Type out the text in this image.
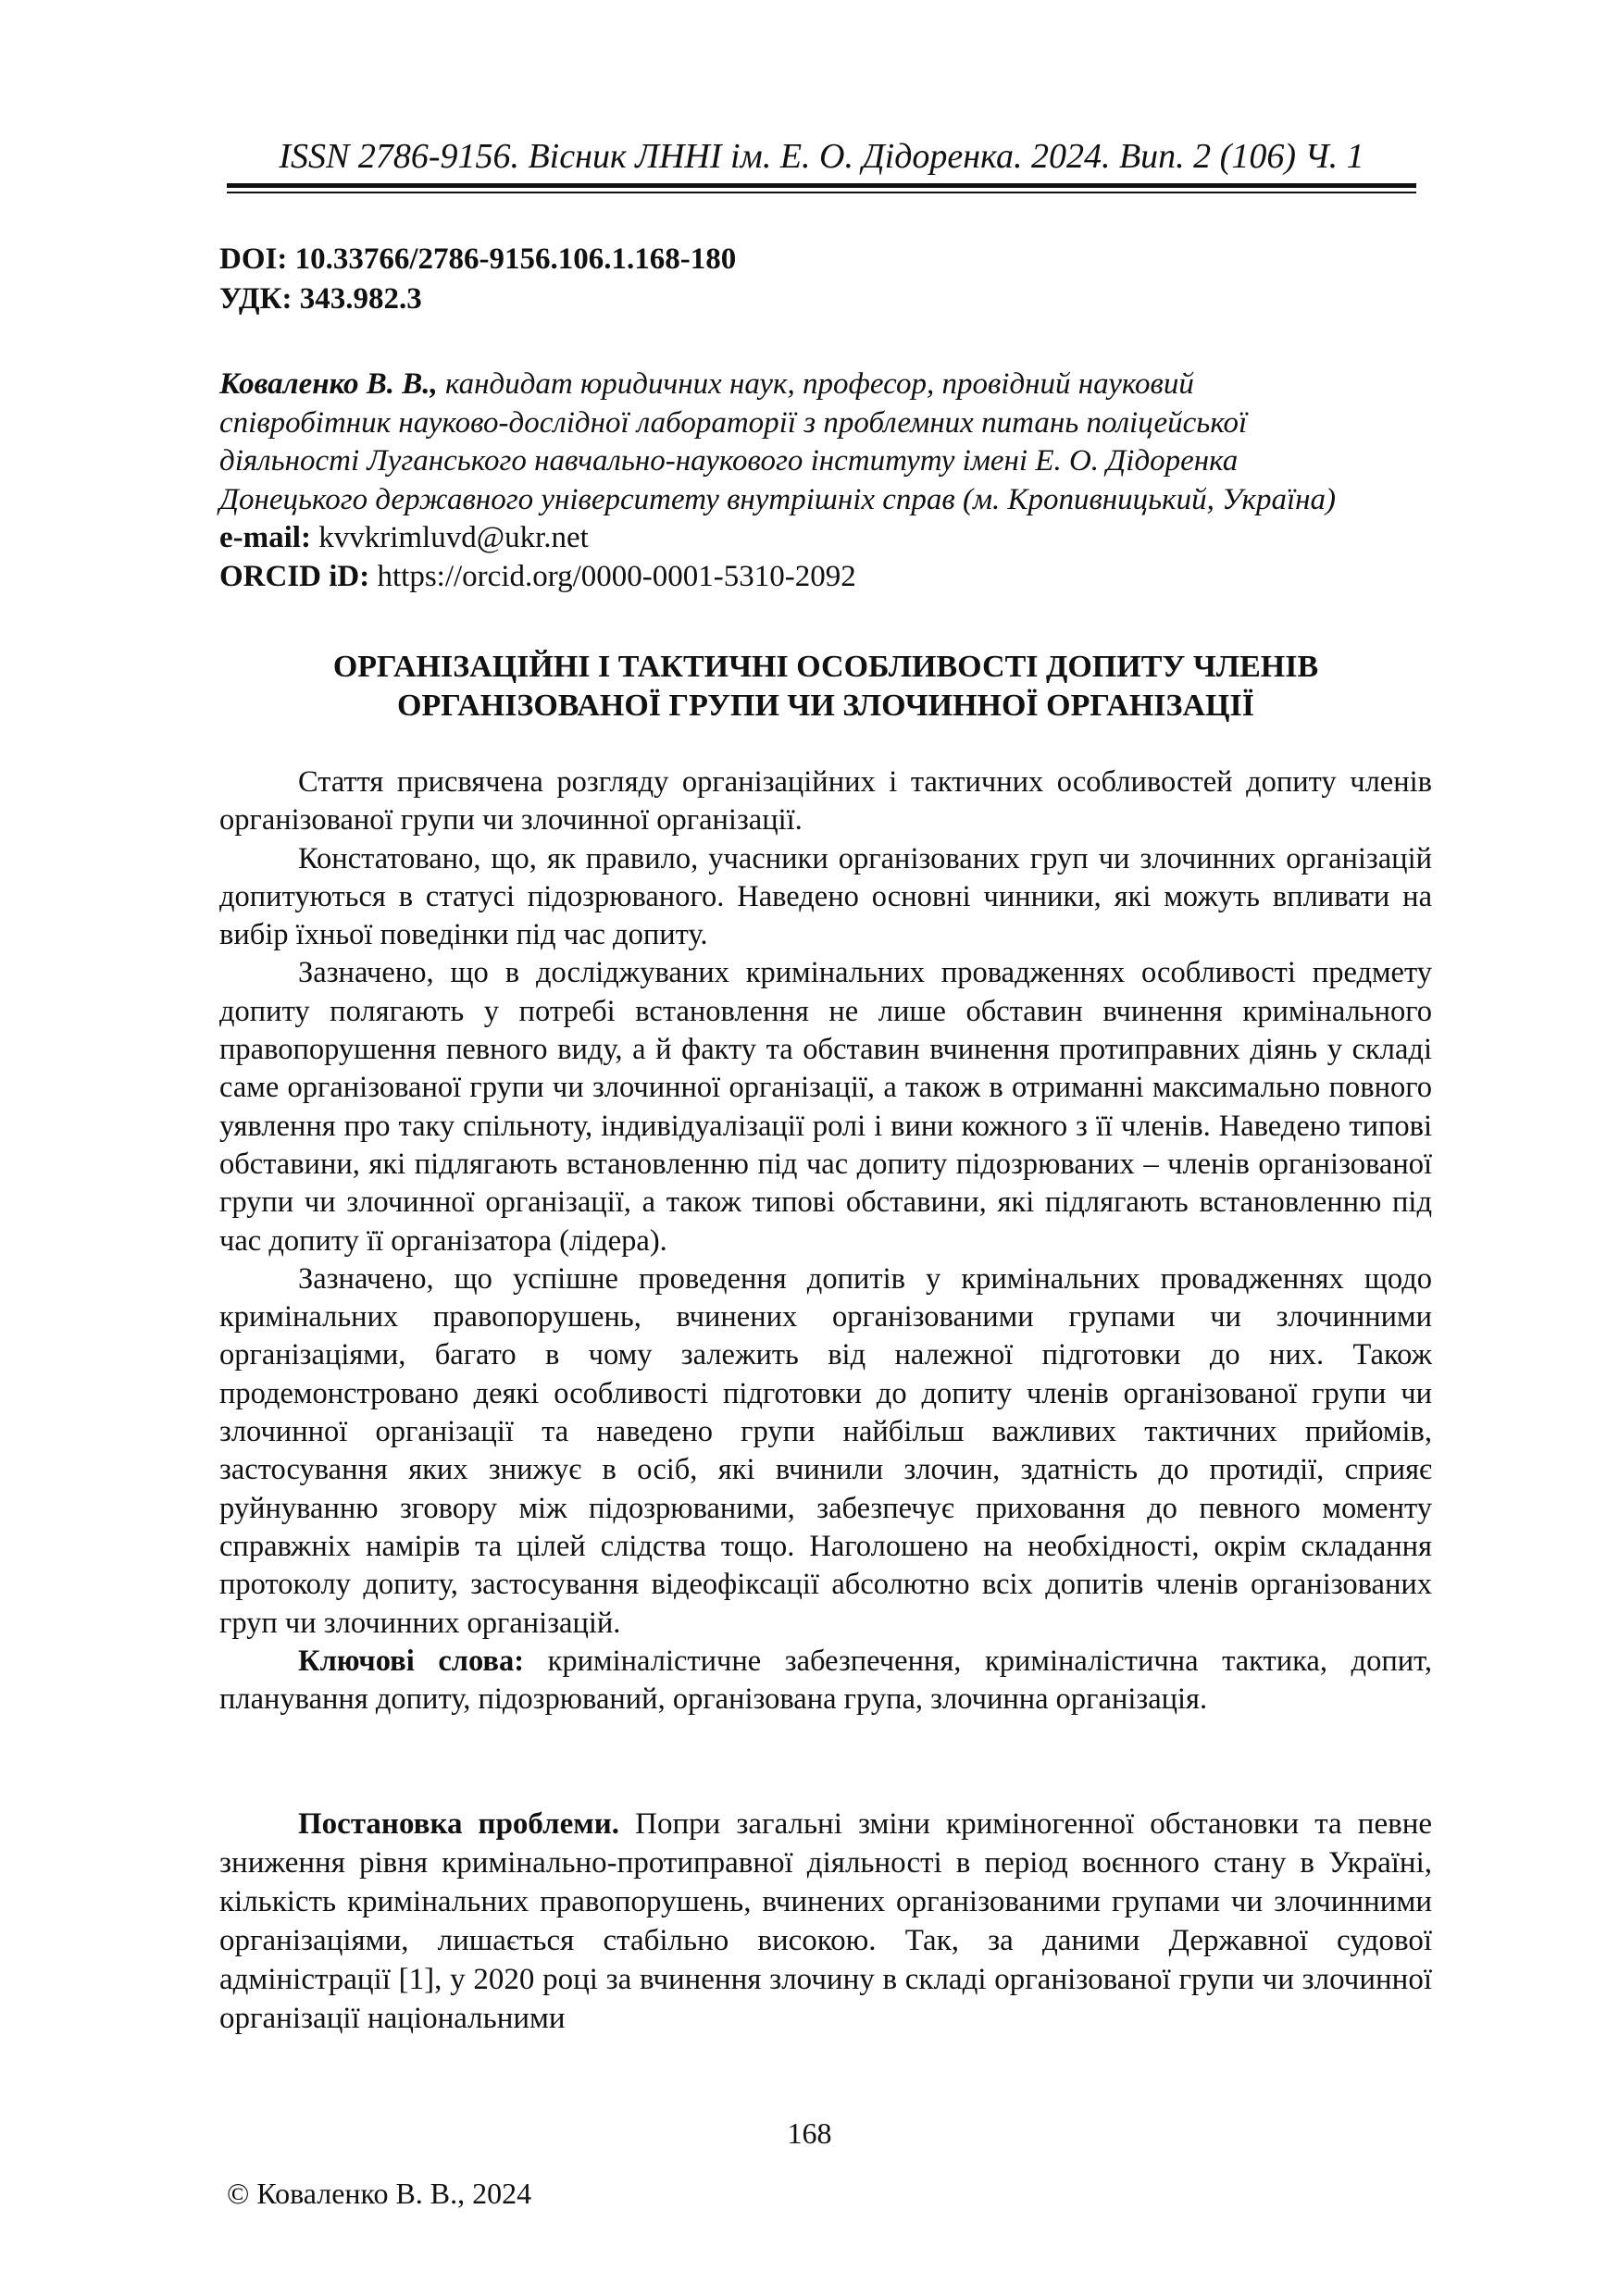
ISSN 2786-9156. Вісник ЛННІ ім. Е. О. Дідоренка. 2024. Вип. 2 (106) Ч. 1
DOI: 10.33766/2786-9156.106.1.168-180
УДК: 343.982.3
Коваленко В. В., кандидат юридичних наук, професор, провідний науковий
співробітник науково-дослідної лабораторії з проблемних питань поліцейської
діяльності Луганського навчально-наукового інституту імені Е. О. Дідоренка
Донецького державного університету внутрішніх справ (м. Кропивницький, Україна)
e-mail: kvvkrimluvd@ukr.net
ORCID iD: https://orcid.org/0000-0001-5310-2092
ОРГАНІЗАЦІЙНІ І ТАКТИЧНІ ОСОБЛИВОСТІ ДОПИТУ ЧЛЕНІВ
ОРГАНІЗОВАНОЇ ГРУПИ ЧИ ЗЛОЧИННОЇ ОРГАНІЗАЦІЇ

Стаття присвячена розгляду організаційних і тактичних особливостей допиту членів організованої групи чи злочинної організації.

Констатовано, що, як правило, учасники організованих груп чи злочинних організацій допитуються в статусі підозрюваного. Наведено основні чинники, які можуть впливати на вибір їхньої поведінки під час допиту.

Зазначено, що в досліджуваних кримінальних провадженнях особливості предмету допиту полягають у потребі встановлення не лише обставин вчинення кримінального правопорушення певного виду, а й факту та обставин вчинення протиправних діянь у складі саме організованої групи чи злочинної організації, а також в отриманні максимально повного уявлення про таку спільноту, індивідуалізації ролі і вини кожного з її членів. Наведено типові обставини, які підлягають встановленню під час допиту підозрюваних – членів організованої групи чи злочинної організації, а також типові обставини, які підлягають встановленню під час допиту її організатора (лідера).

Зазначено, що успішне проведення допитів у кримінальних провадженнях щодо кримінальних правопорушень, вчинених організованими групами чи злочинними організаціями, багато в чому залежить від належної підготовки до них. Також продемонстровано деякі особливості підготовки до допиту членів організованої групи чи злочинної організації та наведено групи найбільш важливих тактичних прийомів, застосування яких знижує в осіб, які вчинили злочин, здатність до протидії, сприяє руйнуванню зговору між підозрюваними, забезпечує приховання до певного моменту справжніх намірів та цілей слідства тощо. Наголошено на необхідності, окрім складання протоколу допиту, застосування відеофіксації абсолютно всіх допитів членів організованих груп чи злочинних організацій.

Ключові слова: криміналістичне забезпечення, криміналістична тактика, допит, планування допиту, підозрюваний, організована група, злочинна організація.

Постановка проблеми. Попри загальні зміни криміногенної обстановки та певне зниження рівня кримінально-протиправної діяльності в період воєнного стану в Україні, кількість кримінальних правопорушень, вчинених організованими групами чи злочинними організаціями, лишається стабільно високою. Так, за даними Державної судової адміністрації [1], у 2020 році за вчинення злочину в складі організованої групи чи злочинної організації національними

168
© Коваленко В. В., 2024
